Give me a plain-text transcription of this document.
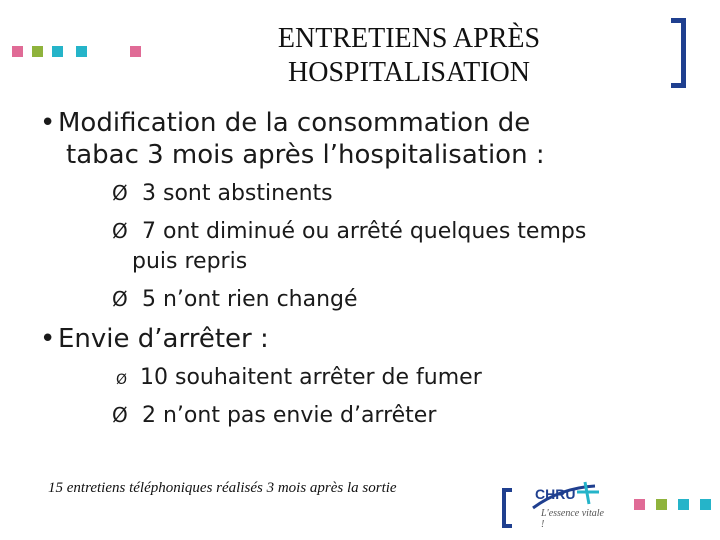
ENTRETIENS APRÈS
HOSPITALISATION
• Modification de la consommation de
tabac 3 mois après l’hospitalisation :
Ø 3 sont abstinents
Ø 7 ont diminué ou arrêté quelques temps
puis repris
Ø 5 n’ont rien changé
• Envie d’arrêter :
Ø 10 souhaitent arrêter de fumer
Ø 2 n’ont pas envie d’arrêter
15 entretiens téléphoniques réalisés 3 mois après la sortie	CHRU
L'essence vitale !
